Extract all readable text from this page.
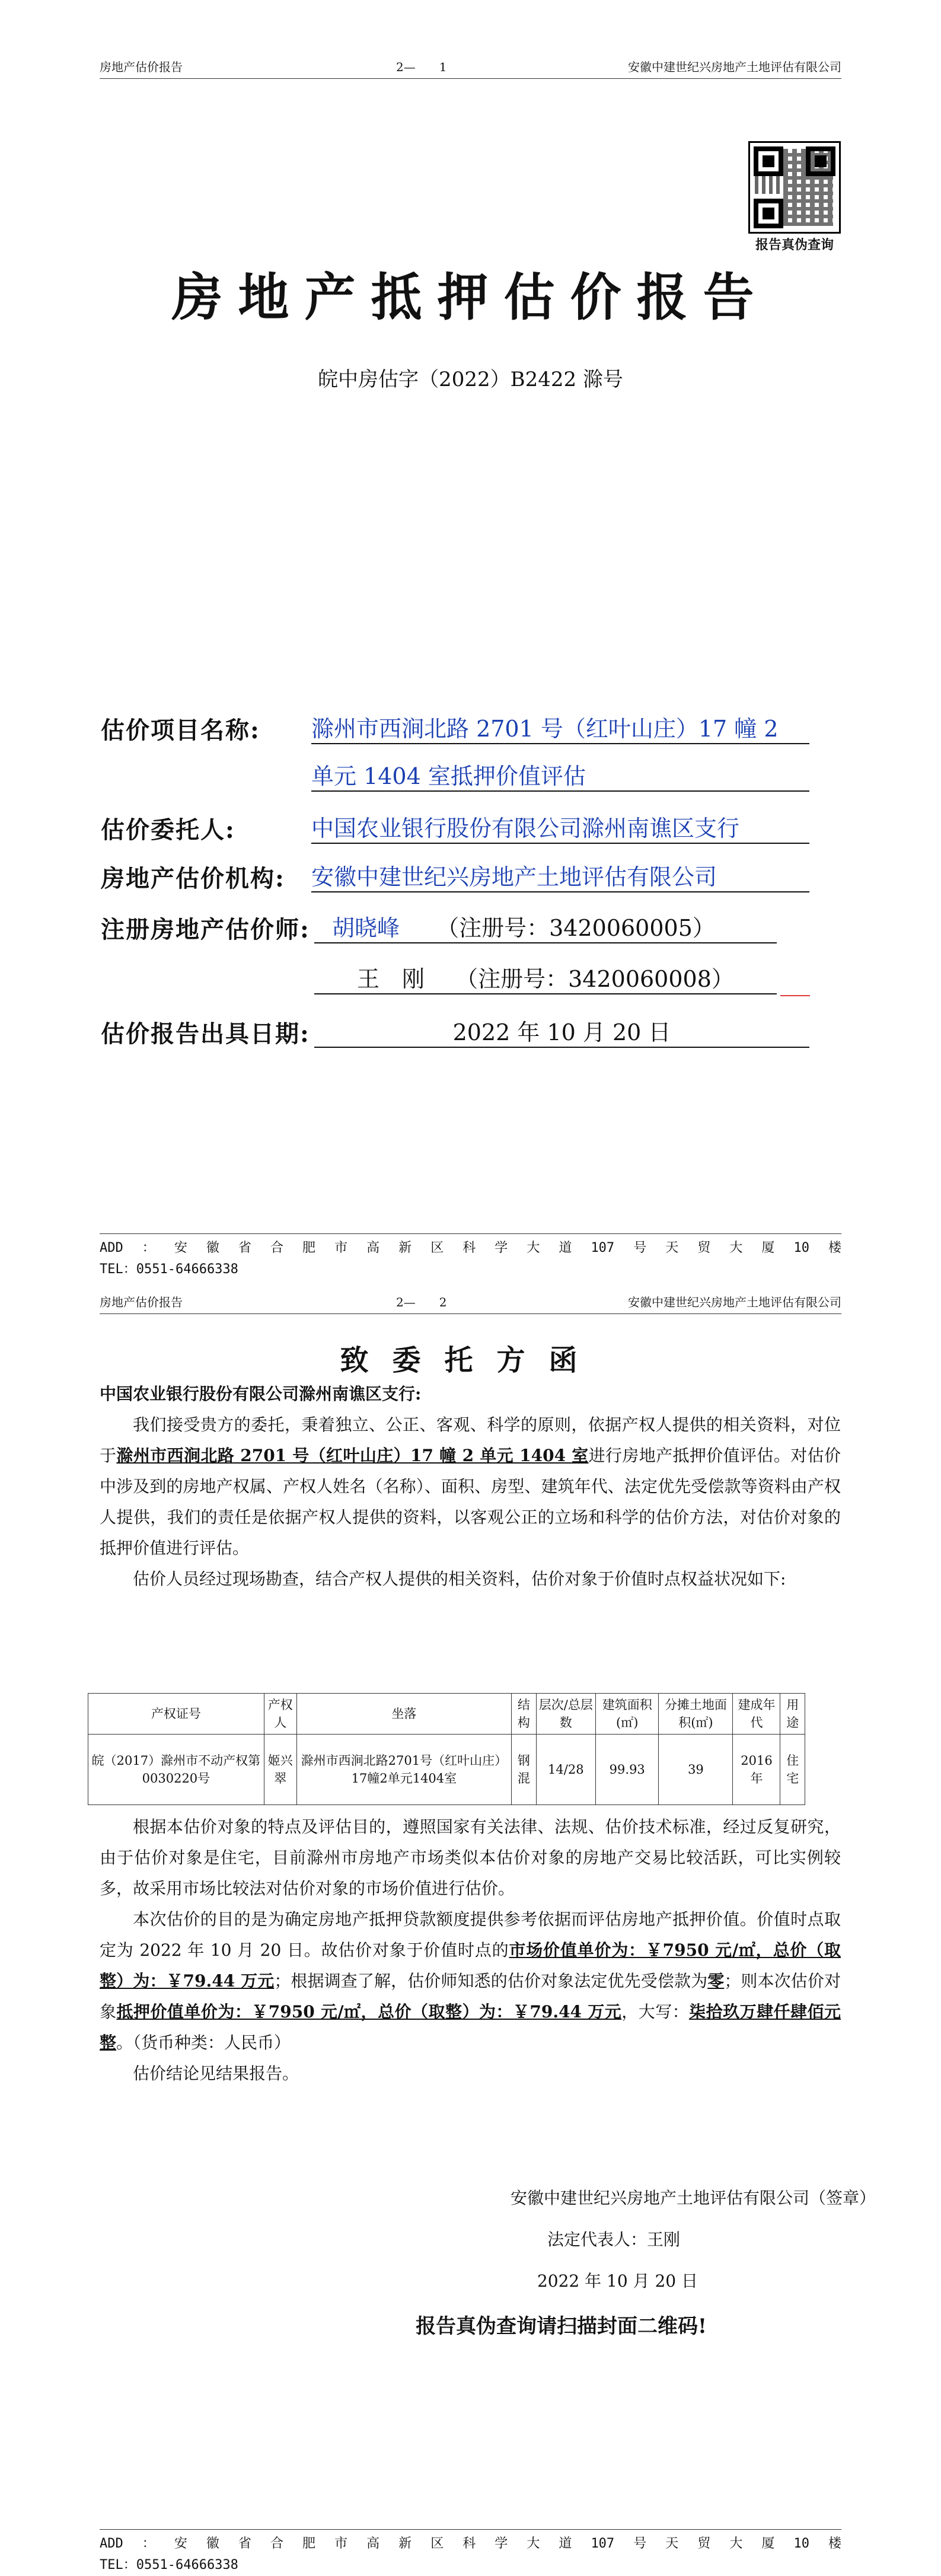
房地产估价报告	2—　　1	安徽中建世纪兴房地产土地评估有限公司
报告真伪查询
房地产抵押估价报告
皖中房估字（2022）B2422 滁号
估价项目名称: 滁州市西涧北路 2701 号（红叶山庄）17 幢 2
单元 1404 室抵押价值评估
估价委托人:	中国农业银行股份有限公司滁州南谯区支行
房地产估价机构: 安徽中建世纪兴房地产土地评估有限公司
注册房地产估价师: 胡晓峰 （注册号：3420060005）
王　刚 （注册号：3420060008）
估价报告出具日期:	2022 年 10 月 20 日
ADD ： 安 徽 省 合 肥 市 高 新 区 科 学 大 道 107 号 天 贸 大 厦 10 楼
TEL：0551-64666338
房地产估价报告	2—　　2	安徽中建世纪兴房地产土地评估有限公司
致委托方函

中国农业银行股份有限公司滁州南谯区支行:

我们接受贵方的委托，秉着独立、公正、客观、科学的原则，依据产权人提供的相关资料，对位于滁州市西涧北路 2701 号（红叶山庄）17 幢 2 单元 1404 室进行房地产抵押价值评估。对估价中涉及到的房地产权属、产权人姓名（名称）、面积、房型、建筑年代、法定优先受偿款等资料由产权人提供，我们的责任是依据产权人提供的资料，以客观公正的立场和科学的估价方法，对估价对象的抵押价值进行评估。

估价人员经过现场勘查，结合产权人提供的相关资料，估价对象于价值时点权益状况如下:

产权证号	产权人	坐落	结构	层次/总层数	建筑面积(㎡)	分摊土地面积(㎡)	建成年代	用途
皖（2017）滁州市不动产权第0030220号	姬兴翠	滁州市西涧北路2701号（红叶山庄）17幢2单元1404室	钢混	14/28	99.93	39	2016年	住宅

根据本估价对象的特点及评估目的，遵照国家有关法律、法规、估价技术标准，经过反复研究，由于估价对象是住宅，目前滁州市房地产市场类似本估价对象的房地产交易比较活跃，可比实例较多，故采用市场比较法对估价对象的市场价值进行估价。

本次估价的目的是为确定房地产抵押贷款额度提供参考依据而评估房地产抵押价值。价值时点取定为 2022 年 10 月 20 日。故估价对象于价值时点的市场价值单价为：￥7950 元/㎡，总价（取整）为：￥79.44 万元；根据调查了解，估价师知悉的估价对象法定优先受偿款为零；则本次估价对象抵押价值单价为：￥7950 元/㎡，总价（取整）为：￥79.44 万元，大写：柒拾玖万肆仟肆佰元整。（货币种类：人民币）

估价结论见结果报告。

安徽中建世纪兴房地产土地评估有限公司（签章）
法定代表人：王刚
2022 年 10 月 20 日
报告真伪查询请扫描封面二维码!
ADD ： 安 徽 省 合 肥 市 高 新 区 科 学 大 道 107 号 天 贸 大 厦 10 楼
TEL：0551-64666338
